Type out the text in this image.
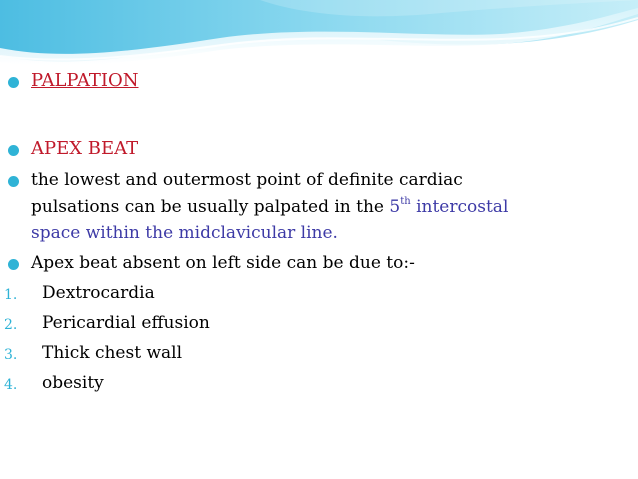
PALPATION
APEX BEAT
the lowest and outermost point of definite cardiac
pulsations can be usually palpated in the 5th intercostal
space within the midclavicular line.
Apex beat absent on left side can be due to:-
1. Dextrocardia
2. Pericardial effusion
3. Thick chest wall
4. obesity
